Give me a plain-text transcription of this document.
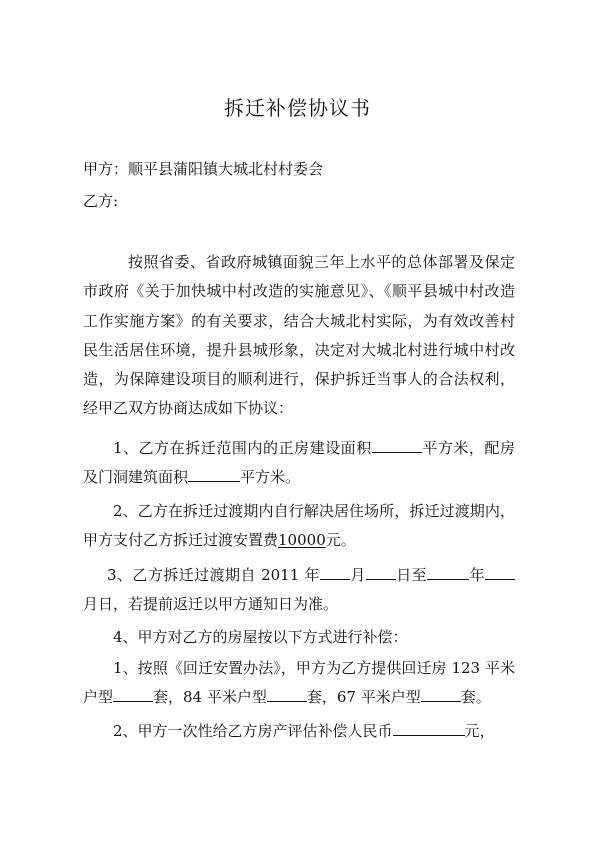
拆迁补偿协议书
甲方：顺平县蒲阳镇大城北村村委会
乙方:
按照省委、省政府城镇面貌三年上水平的总体部署及保定市政府《关于加快城中村改造的实施意见》、《顺平县城中村改造工作实施方案》的有关要求，结合大城北村实际，为有效改善村民生活居住环境，提升县城形象，决定对大城北村进行城中村改造，为保障建设项目的顺利进行，保护拆迁当事人的合法权利，经甲乙双方协商达成如下协议：
1、乙方在拆迁范围内的正房建设面积	平方米，配房及门洞建筑面积	平方米。
2、乙方在拆迁过渡期内自行解决居住场所，拆迁过渡期内，甲方支付乙方拆迁过渡安置费10000元。
3、乙方拆迁过渡期自 2011 年 月 日至	年月日，若提前返迁以甲方通知日为准。
4、甲方对乙方的房屋按以下方式进行补偿：
1、按照《回迁安置办法》，甲方为乙方提供回迁房 123 平米户型	套，84 平米户型	套，67 平米户型	套。
2、甲方一次性给乙方房产评估补偿人民币	元，
